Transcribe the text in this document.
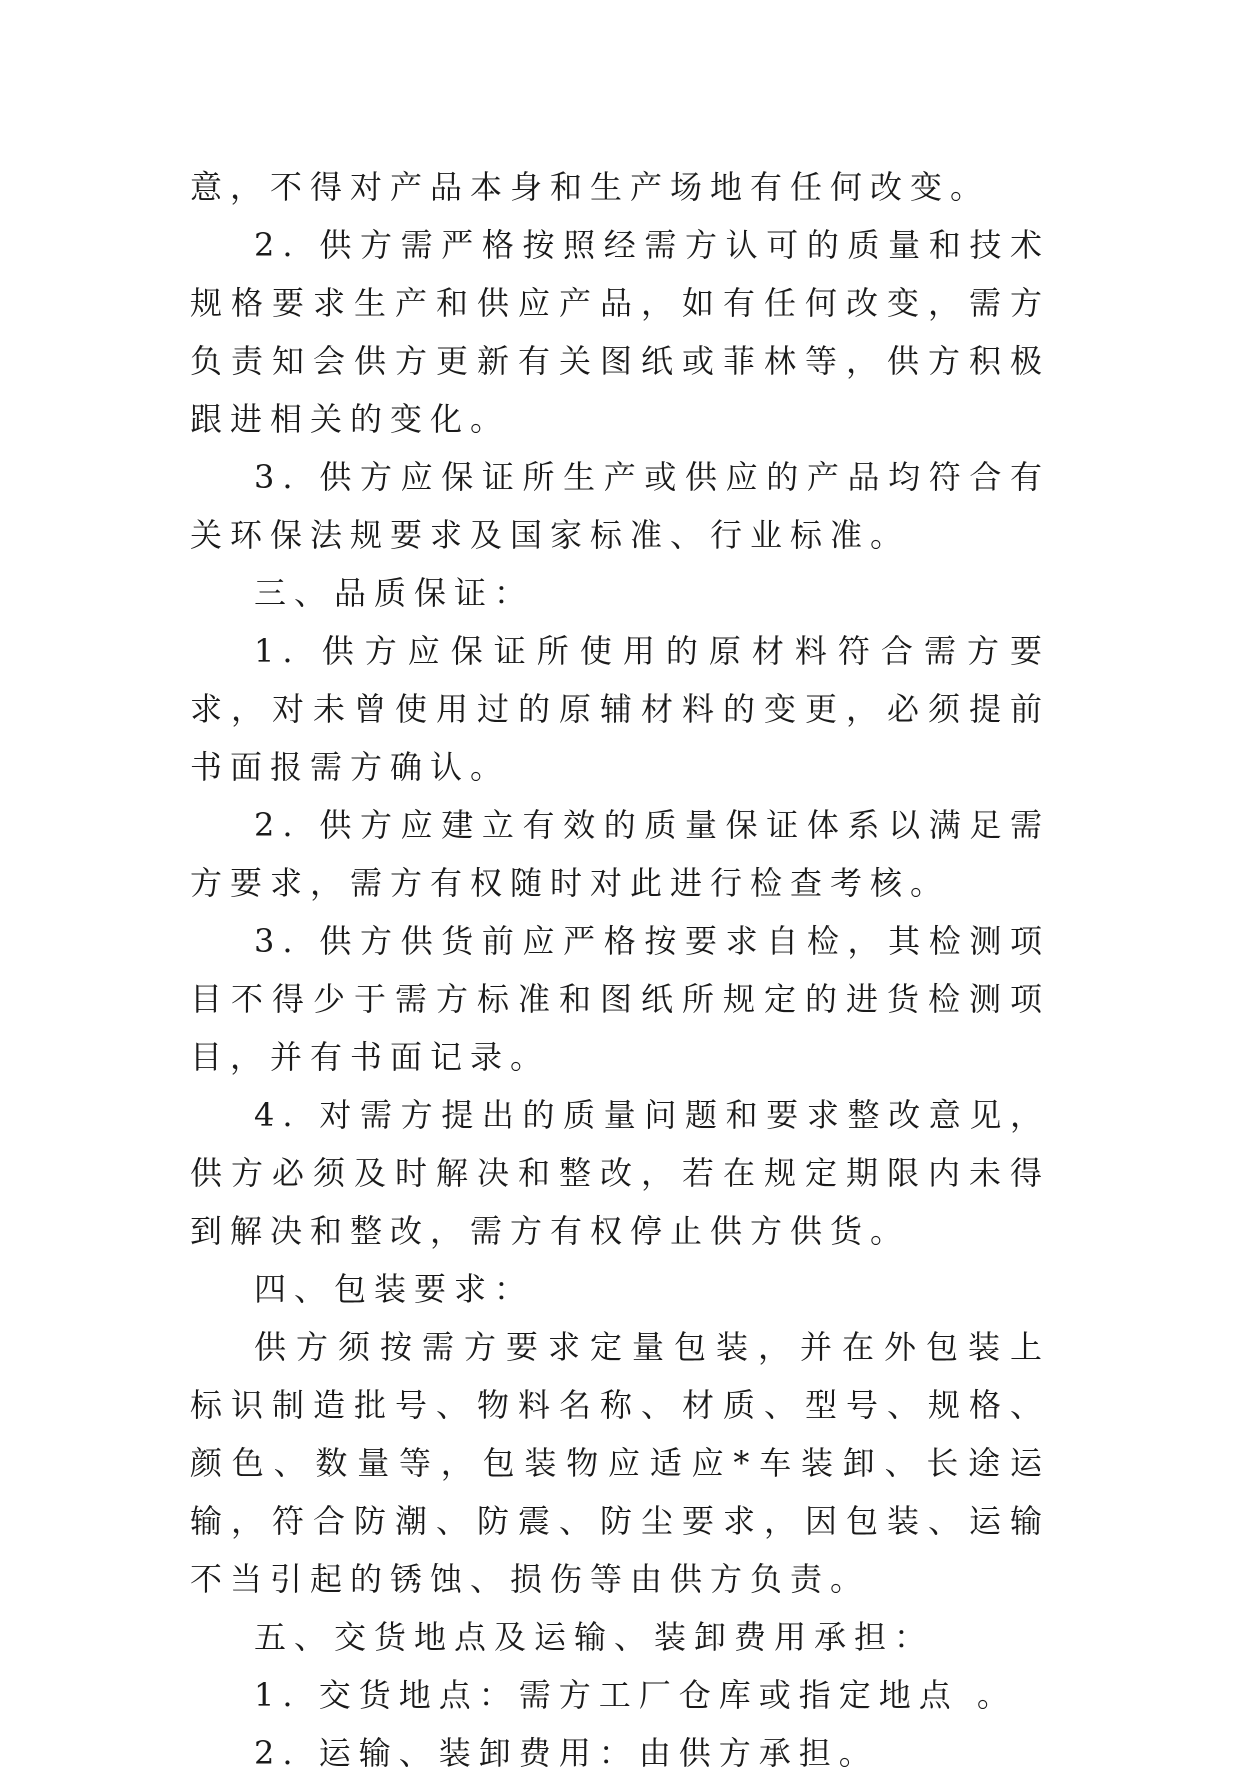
意，不得对产品本身和生产场地有任何改变。

2. 供方需严格按照经需方认可的质量和技术规格要求生产和供应产品，如有任何改变，需方负责知会供方更新有关图纸或菲林等，供方积极跟进相关的变化。

3. 供方应保证所生产或供应的产品均符合有关环保法规要求及国家标准、行业标准。

三、品质保证：

1. 供方应保证所使用的原材料符合需方要求，对未曾使用过的原辅材料的变更，必须提前书面报需方确认。

2. 供方应建立有效的质量保证体系以满足需方要求，需方有权随时对此进行检查考核。

3. 供方供货前应严格按要求自检，其检测项目不得少于需方标准和图纸所规定的进货检测项目，并有书面记录。

4. 对需方提出的质量问题和要求整改意见，供方必须及时解决和整改，若在规定期限内未得到解决和整改，需方有权停止供方供货。

四、包装要求：

供方须按需方要求定量包装，并在外包装上标识制造批号、物料名称、材质、型号、规格、颜色、数量等，包装物应适应*车装卸、长途运输，符合防潮、防震、防尘要求，因包装、运输不当引起的锈蚀、损伤等由供方负责。

五、交货地点及运输、装卸费用承担：

1. 交货地点：需方工厂仓库或指定地点 。

2. 运输、装卸费用：由供方承担。
